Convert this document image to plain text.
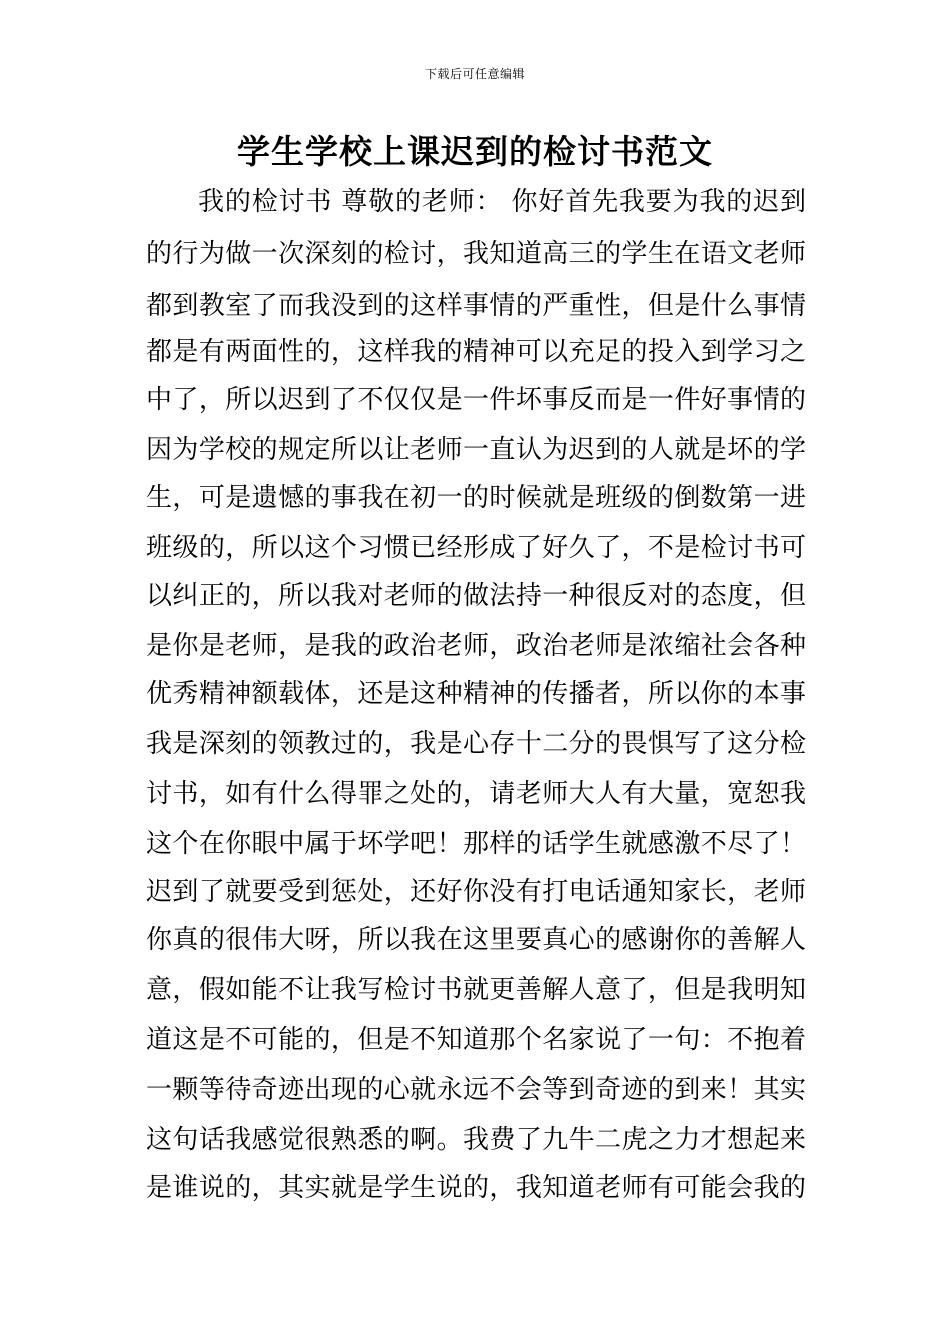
下载后可任意编辑
学生学校上课迟到的检讨书范文
我的检讨书 尊敬的老师： 你好首先我要为我的迟到
的行为做一次深刻的检讨，我知道高三的学生在语文老师
都到教室了而我没到的这样事情的严重性，但是什么事情
都是有两面性的，这样我的精神可以充足的投入到学习之
中了，所以迟到了不仅仅是一件坏事反而是一件好事情的
因为学校的规定所以让老师一直认为迟到的人就是坏的学
生，可是遗憾的事我在初一的时候就是班级的倒数第一进
班级的，所以这个习惯已经形成了好久了，不是检讨书可
以纠正的，所以我对老师的做法持一种很反对的态度，但
是你是老师，是我的政治老师，政治老师是浓缩社会各种
优秀精神额载体，还是这种精神的传播者，所以你的本事
我是深刻的领教过的，我是心存十二分的畏惧写了这分检
讨书，如有什么得罪之处的，请老师大人有大量，宽恕我
这个在你眼中属于坏学吧！那样的话学生就感激不尽了！
迟到了就要受到惩处，还好你没有打电话通知家长，老师
你真的很伟大呀，所以我在这里要真心的感谢你的善解人
意，假如能不让我写检讨书就更善解人意了，但是我明知
道这是不可能的，但是不知道那个名家说了一句：不抱着
一颗等待奇迹出现的心就永远不会等到奇迹的到来！其实
这句话我感觉很熟悉的啊。我费了九牛二虎之力才想起来
是谁说的，其实就是学生说的，我知道老师有可能会我的
